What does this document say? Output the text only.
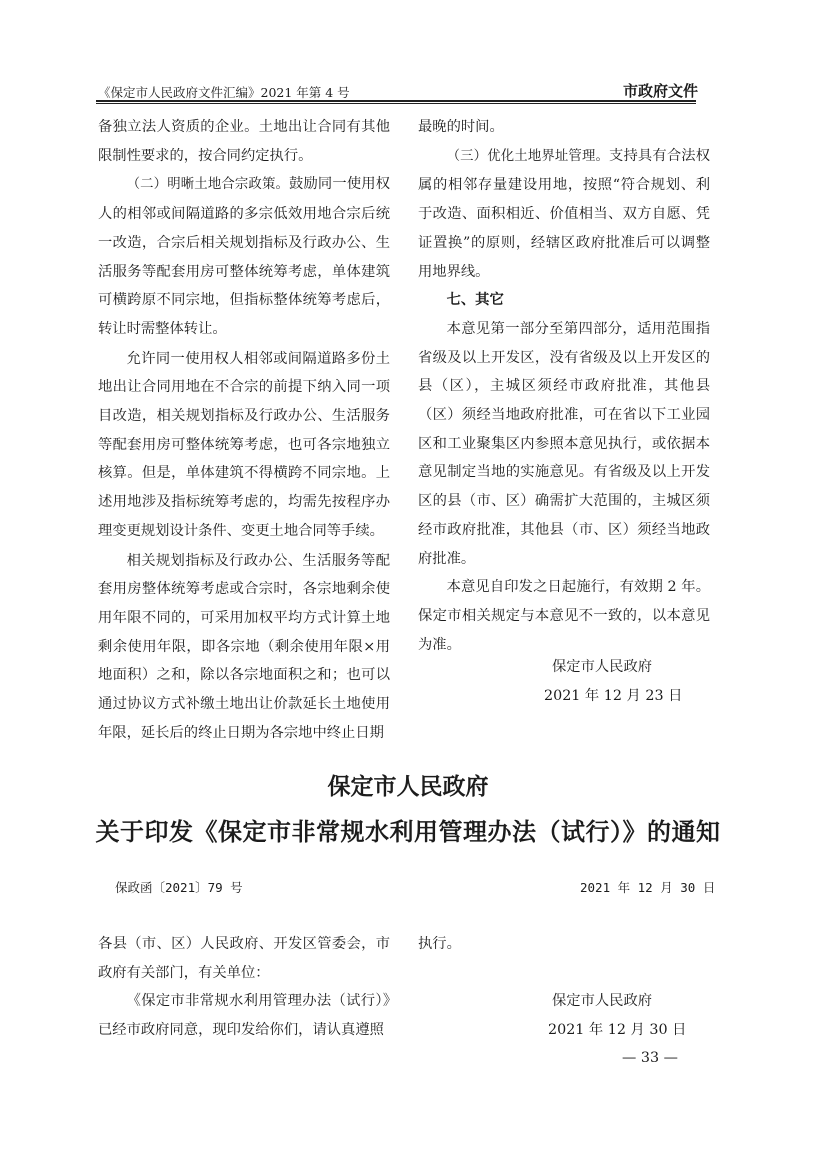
《保定市人民政府文件汇编》2021 年第 4 号	市政府文件

备独立法人资质的企业。土地出让合同有其他限制性要求的，按合同约定执行。

（二）明晰土地合宗政策。鼓励同一使用权人的相邻或间隔道路的多宗低效用地合宗后统一改造，合宗后相关规划指标及行政办公、生活服务等配套用房可整体统筹考虑，单体建筑可横跨原不同宗地，但指标整体统筹考虑后，转让时需整体转让。

允许同一使用权人相邻或间隔道路多份土地出让合同用地在不合宗的前提下纳入同一项目改造，相关规划指标及行政办公、生活服务等配套用房可整体统筹考虑，也可各宗地独立核算。但是，单体建筑不得横跨不同宗地。上述用地涉及指标统筹考虑的，均需先按程序办理变更规划设计条件、变更土地合同等手续。

相关规划指标及行政办公、生活服务等配套用房整体统筹考虑或合宗时，各宗地剩余使用年限不同的，可采用加权平均方式计算土地剩余使用年限，即各宗地（剩余使用年限×用地面积）之和，除以各宗地面积之和；也可以通过协议方式补缴土地出让价款延长土地使用年限，延长后的终止日期为各宗地中终止日期

最晚的时间。

（三）优化土地界址管理。支持具有合法权属的相邻存量建设用地，按照“符合规划、利于改造、面积相近、价值相当、双方自愿、凭证置换”的原则，经辖区政府批准后可以调整用地界线。

七、其它

本意见第一部分至第四部分，适用范围指省级及以上开发区，没有省级及以上开发区的县（区），主城区须经市政府批准，其他县（区）须经当地政府批准，可在省以下工业园区和工业聚集区内参照本意见执行，或依据本意见制定当地的实施意见。有省级及以上开发区的县（市、区）确需扩大范围的，主城区须经市政府批准，其他县（市、区）须经当地政府批准。

本意见自印发之日起施行，有效期 2 年。保定市相关规定与本意见不一致的，以本意见为准。

保定市人民政府
2021 年 12 月 23 日
保定市人民政府
关于印发《保定市非常规水利用管理办法（试行）》的通知
保政函〔2021〕79 号	2021 年 12 月 30 日

各县（市、区）人民政府、开发区管委会，市政府有关部门，有关单位：

《保定市非常规水利用管理办法（试行）》已经市政府同意，现印发给你们，请认真遵照

执行。

保定市人民政府
2021 年 12 月 30 日
— 33 —
